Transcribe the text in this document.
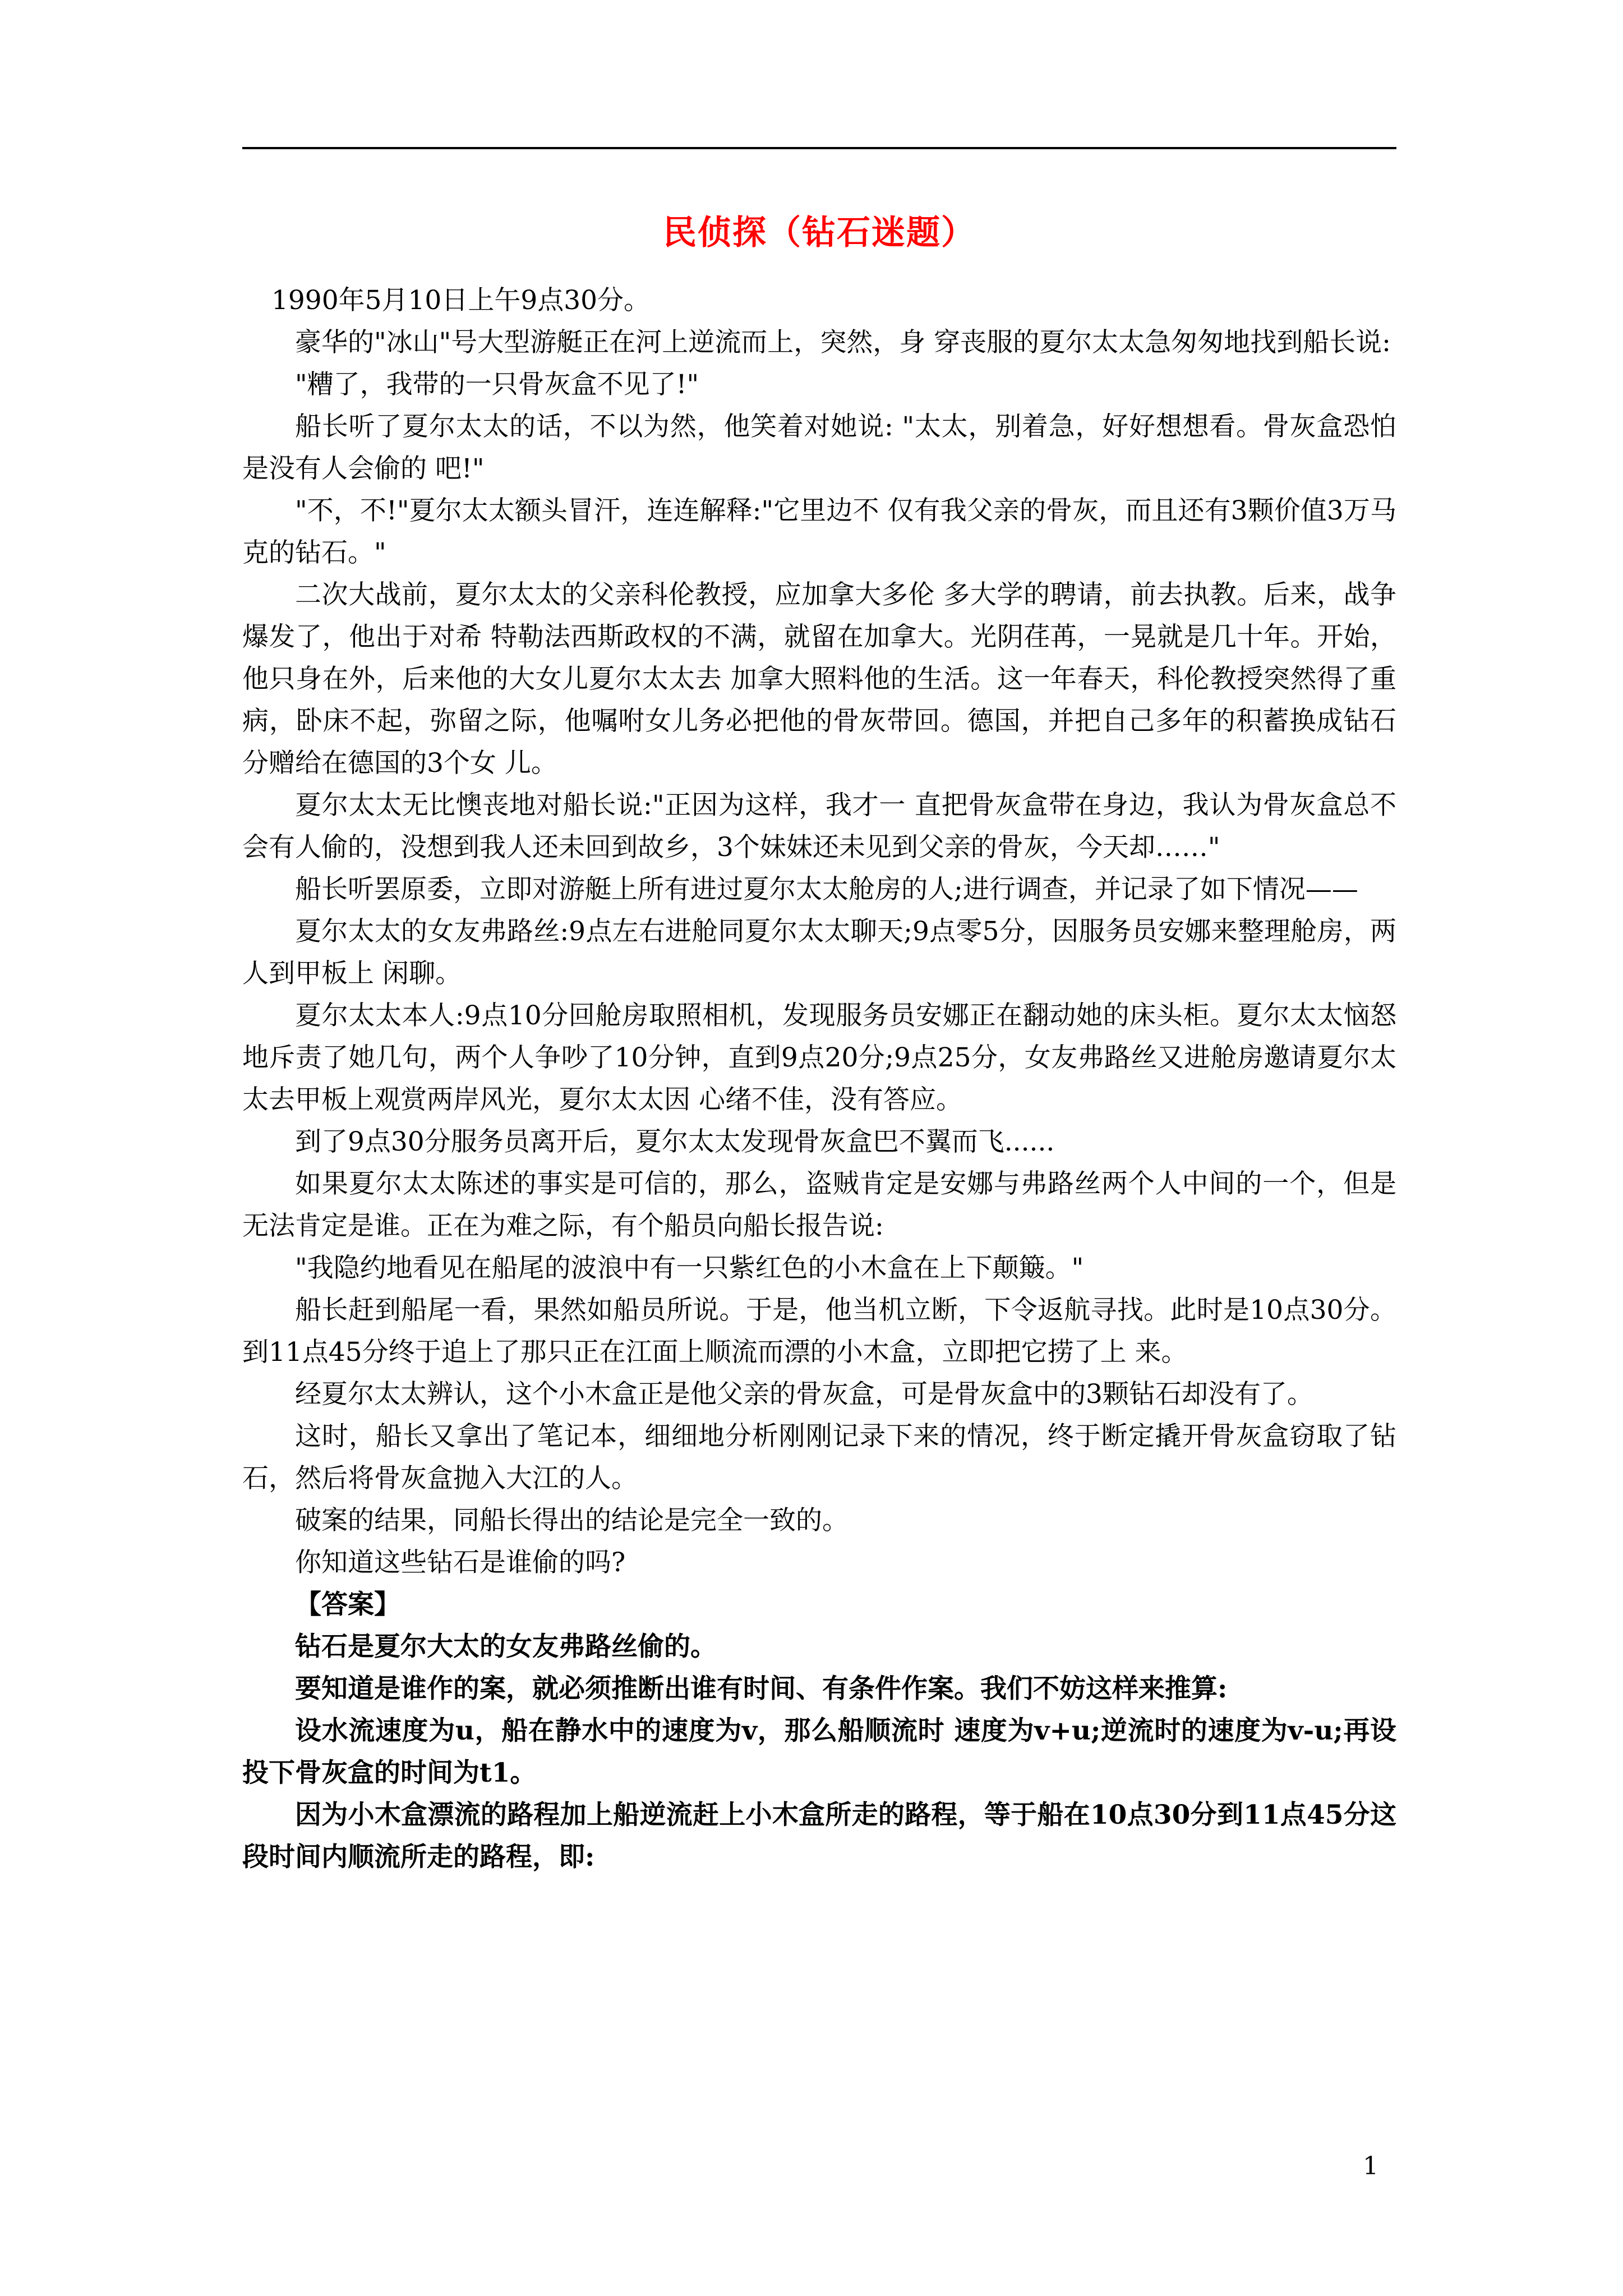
民侦探（钻石迷题）

1990年5月10日上午9点30分。

豪华的"冰山"号大型游艇正在河上逆流而上，突然，身 穿丧服的夏尔太太急匆匆地找到船长说:

"糟了，我带的一只骨灰盒不见了!"

船长听了夏尔太太的话，不以为然，他笑着对她说: "太太，别着急，好好想想看。骨灰盒恐怕是没有人会偷的 吧!"

"不，不!"夏尔太太额头冒汗，连连解释:"它里边不 仅有我父亲的骨灰，而且还有3颗价值3万马克的钻石。"

二次大战前，夏尔太太的父亲科伦教授，应加拿大多伦 多大学的聘请，前去执教。后来，战争爆发了，他出于对希 特勒法西斯政权的不满，就留在加拿大。光阴荏苒，一晃就是几十年。开始，他只身在外，后来他的大女儿夏尔太太去 加拿大照料他的生活。这一年春天，科伦教授突然得了重病，卧床不起，弥留之际，他嘱咐女儿务必把他的骨灰带回。德国，并把自己多年的积蓄换成钻石分赠给在德国的3个女 儿。

夏尔太太无比懊丧地对船长说:"正因为这样，我才一 直把骨灰盒带在身边，我认为骨灰盒总不会有人偷的，没想到我人还未回到故乡，3个妹妹还未见到父亲的骨灰，今天却……"

船长听罢原委，立即对游艇上所有进过夏尔太太舱房的人;进行调查，并记录了如下情况——

夏尔太太的女友弗路丝:9点左右进舱同夏尔太太聊天;9点零5分，因服务员安娜来整理舱房，两人到甲板上 闲聊。

夏尔太太本人:9点10分回舱房取照相机，发现服务员安娜正在翻动她的床头柜。夏尔太太恼怒地斥责了她几句，两个人争吵了10分钟，直到9点20分;9点25分，女友弗路丝又进舱房邀请夏尔太太去甲板上观赏两岸风光，夏尔太太因 心绪不佳，没有答应。

到了9点30分服务员离开后，夏尔太太发现骨灰盒巴不翼而飞......

如果夏尔太太陈述的事实是可信的，那么，盗贼肯定是安娜与弗路丝两个人中间的一个，但是无法肯定是谁。正在为难之际，有个船员向船长报告说:

"我隐约地看见在船尾的波浪中有一只紫红色的小木盒在上下颠簸。"

船长赶到船尾一看，果然如船员所说。于是，他当机立断，下令返航寻找。此时是10点30分。到11点45分终于追上了那只正在江面上顺流而漂的小木盒，立即把它捞了上 来。

经夏尔太太辨认，这个小木盒正是他父亲的骨灰盒，可是骨灰盒中的3颗钻石却没有了。

这时，船长又拿出了笔记本，细细地分析刚刚记录下来的情况，终于断定撬开骨灰盒窃取了钻石，然后将骨灰盒抛入大江的人。

破案的结果，同船长得出的结论是完全一致的。

你知道这些钻石是谁偷的吗?

【答案】

钻石是夏尔大太的女友弗路丝偷的。

要知道是谁作的案，就必须推断出谁有时间、有条件作案。我们不妨这样来推算:

设水流速度为u，船在静水中的速度为v，那么船顺流时 速度为v+u;逆流时的速度为v-u;再设投下骨灰盒的时间为t1。

因为小木盒漂流的路程加上船逆流赶上小木盒所走的路程，等于船在10点30分到11点45分这段时间内顺流所走的路程，即:

1
